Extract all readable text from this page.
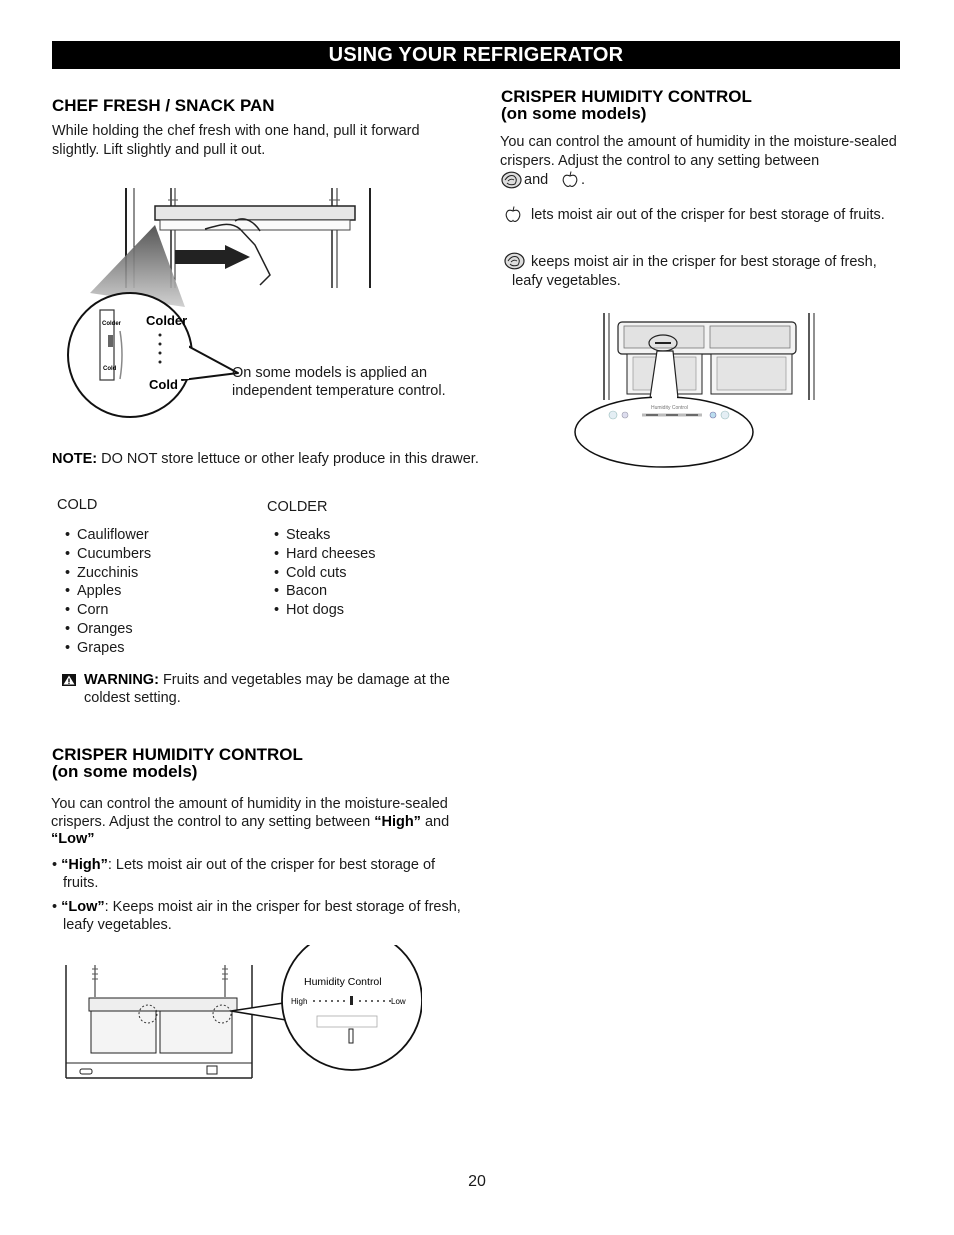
USING YOUR REFRIGERATOR
CHEF FRESH / SNACK PAN

While holding the chef fresh with one hand, pull it forward slightly. Lift slightly and pull it out.

Colder
Cold
Colder
Cold

On some models is applied an independent temperature control.

NOTE: DO NOT store lettuce or other leafy produce in this drawer.

COLD	COLDER
• Cauliflower
• Cucumbers
• Zucchinis
• Apples
• Corn
• Oranges
• Grapes
• Steaks
• Hard cheeses
• Cold cuts
• Bacon
• Hot dogs

WARNING: Fruits and vegetables may be damage at the coldest setting.

CRISPER HUMIDITY CONTROL
(on some models)

You can control the amount of humidity in the moisture-sealed crispers. Adjust the control to any setting between “High” and “Low”

• “High”: Lets moist air out of the crisper for best storage of fruits.

• “Low”: Keeps moist air in the crisper for best storage of fresh, leafy vegetables.

Humidity Control
High	Low
CRISPER HUMIDITY CONTROL
(on some models)

You can control the amount of humidity in the moisture-sealed crispers. Adjust the control to any setting between

and .

lets moist air out of the crisper for best storage of fruits.

keeps moist air in the crisper for best storage of fresh, leafy vegetables.

Humidity Control
20
